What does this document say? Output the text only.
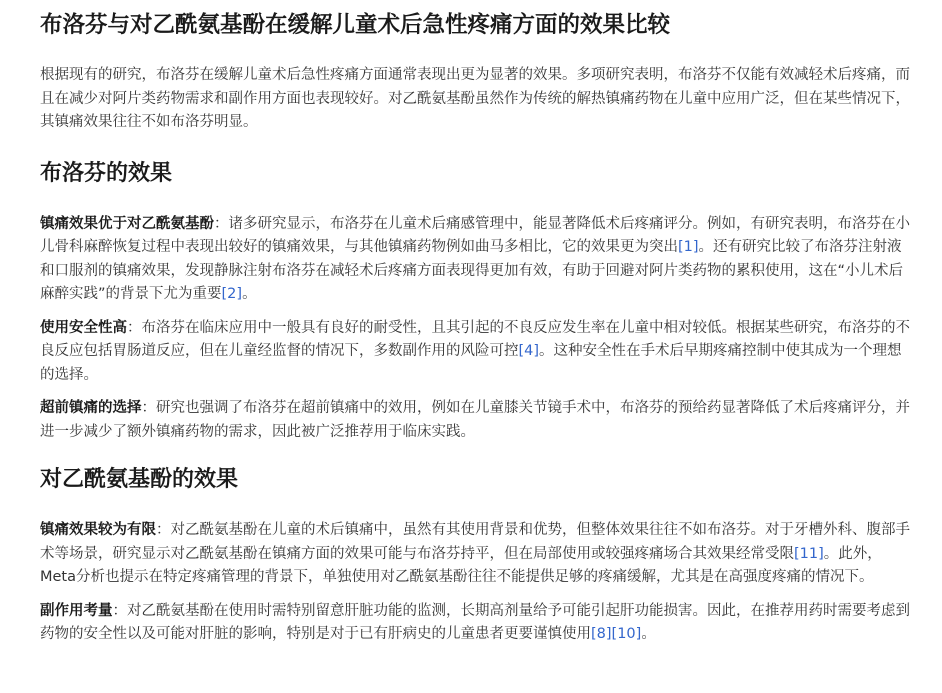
布洛芬与对乙酰氨基酚在缓解儿童术后急性疼痛方面的效果比较

根据现有的研究，布洛芬在缓解儿童术后急性疼痛方面通常表现出更为显著的效果。多项研究表明，布洛芬不仅能有效减轻术后疼痛，而且在减少对阿片类药物需求和副作用方面也表现较好。对乙酰氨基酚虽然作为传统的解热镇痛药物在儿童中应用广泛，但在某些情况下，其镇痛效果往往不如布洛芬明显。

布洛芬的效果

镇痛效果优于对乙酰氨基酚：诸多研究显示，布洛芬在儿童术后痛感管理中，能显著降低术后疼痛评分。例如，有研究表明，布洛芬在小儿骨科麻醉恢复过程中表现出较好的镇痛效果，与其他镇痛药物例如曲马多相比，它的效果更为突出[1]。还有研究比较了布洛芬注射液和口服剂的镇痛效果，发现静脉注射布洛芬在减轻术后疼痛方面表现得更加有效，有助于回避对阿片类药物的累积使用，这在“小儿术后麻醉实践”的背景下尤为重要[2]。

使用安全性高：布洛芬在临床应用中一般具有良好的耐受性，且其引起的不良反应发生率在儿童中相对较低。根据某些研究，布洛芬的不良反应包括胃肠道反应，但在儿童经监督的情况下，多数副作用的风险可控[4]。这种安全性在手术后早期疼痛控制中使其成为一个理想的选择。

超前镇痛的选择：研究也强调了布洛芬在超前镇痛中的效用，例如在儿童膝关节镜手术中，布洛芬的预给药显著降低了术后疼痛评分，并进一步减少了额外镇痛药物的需求，因此被广泛推荐用于临床实践。

对乙酰氨基酚的效果

镇痛效果较为有限：对乙酰氨基酚在儿童的术后镇痛中，虽然有其使用背景和优势，但整体效果往往不如布洛芬。对于牙槽外科、腹部手术等场景，研究显示对乙酰氨基酚在镇痛方面的效果可能与布洛芬持平，但在局部使用或较强疼痛场合其效果经常受限[11]。此外，Meta分析也提示在特定疼痛管理的背景下，单独使用对乙酰氨基酚往往不能提供足够的疼痛缓解，尤其是在高强度疼痛的情况下。

副作用考量：对乙酰氨基酚在使用时需特别留意肝脏功能的监测，长期高剂量给予可能引起肝功能损害。因此，在推荐用药时需要考虑到药物的安全性以及可能对肝脏的影响，特别是对于已有肝病史的儿童患者更要谨慎使用[8][10]。
